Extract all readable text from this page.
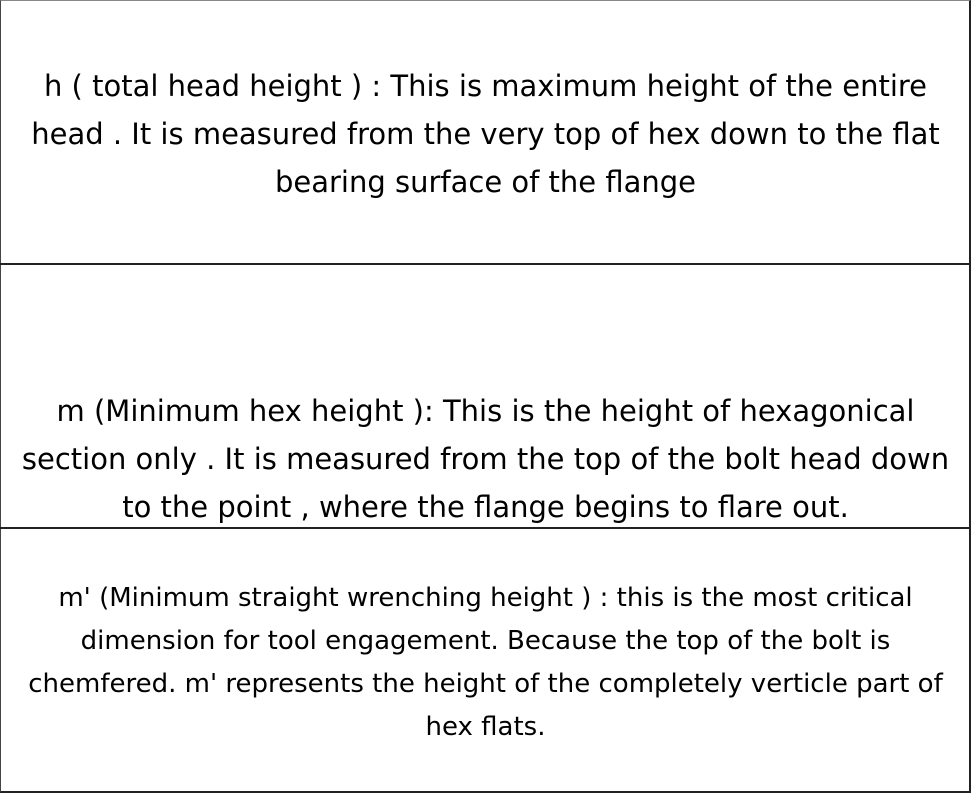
h ( total head height ) : This is maximum height of the entire
head . It is measured from the very top of hex down to the flat
bearing surface of the flange
m (Minimum hex height ): This is the height of hexagonical
section only . It is measured from the top of the bolt head down
to the point , where the flange begins to flare out.
m' (Minimum straight wrenching height ) : this is the most critical
dimension for tool engagement. Because the top of the bolt is
chemfered. m' represents the height of the completely verticle part of
hex flats.
